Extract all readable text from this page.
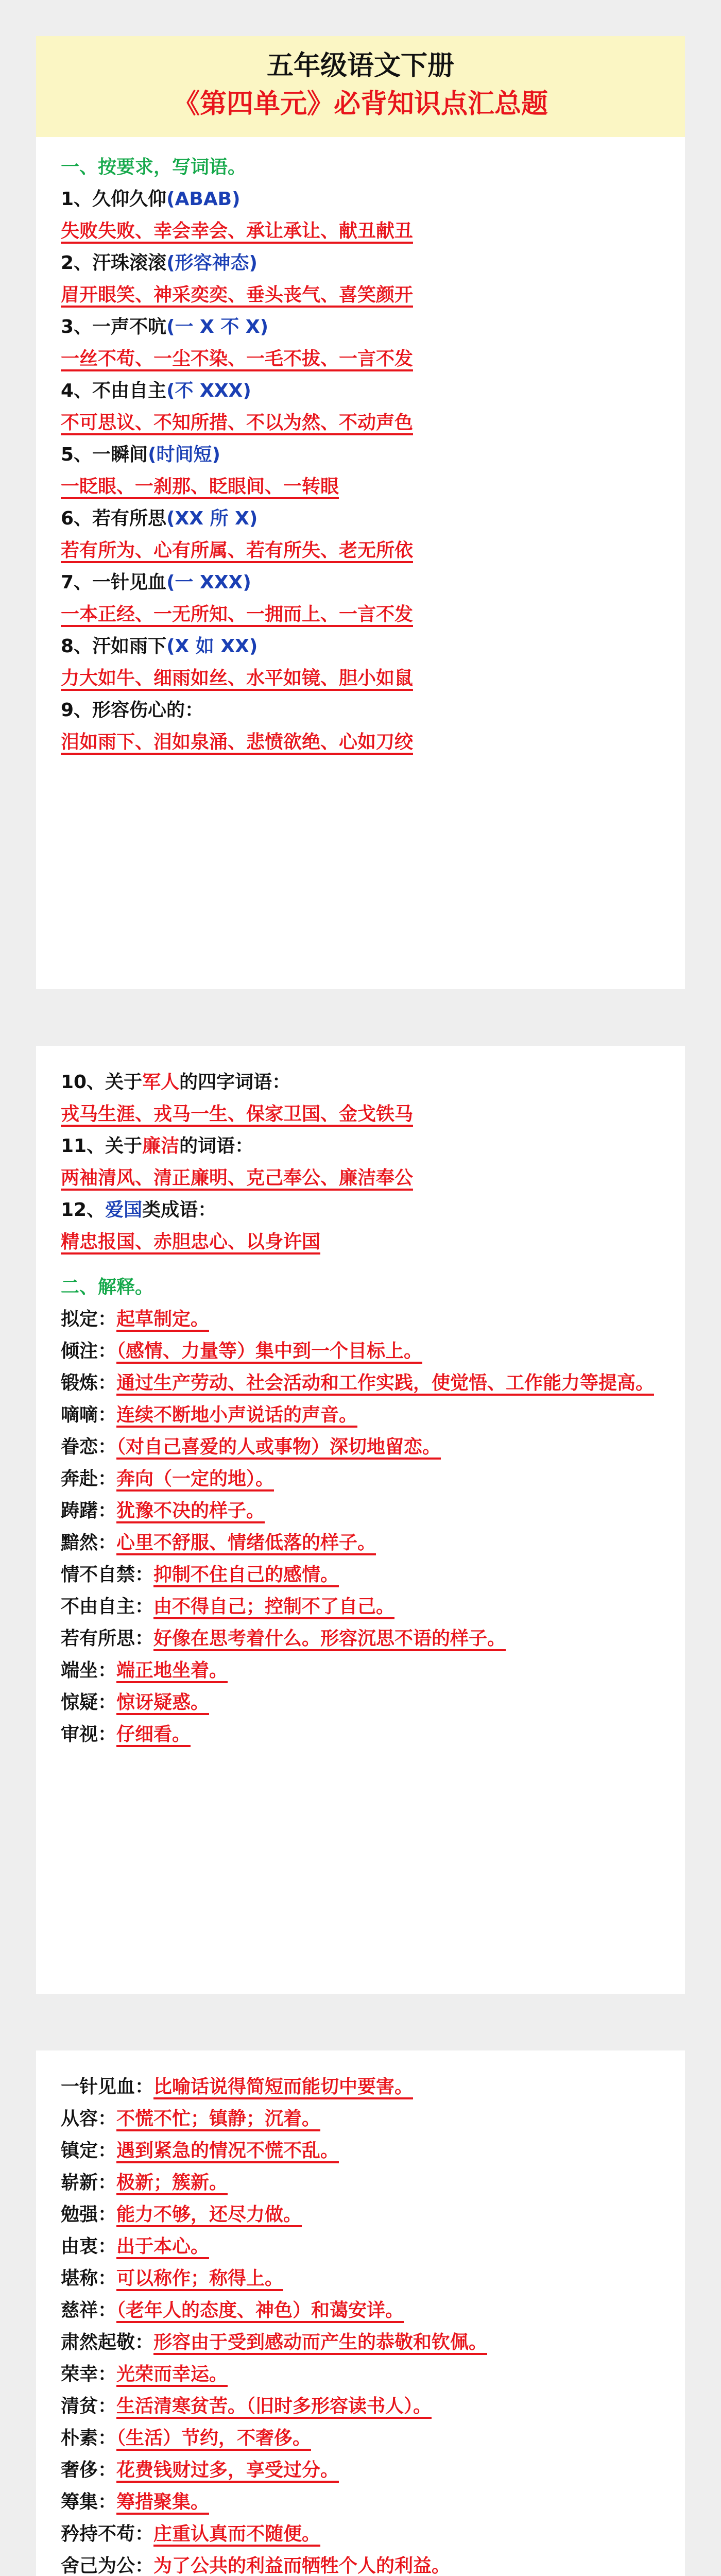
五年级语文下册
《第四单元》必背知识点汇总题
一、按要求，写词语。
1、久仰久仰(ABAB)
失败失败、幸会幸会、承让承让、献丑献丑
2、汗珠滚滚(形容神态)
眉开眼笑、神采奕奕、垂头丧气、喜笑颜开
3、一声不吭(一 X 不 X)
一丝不苟、一尘不染、一毛不拔、一言不发
4、不由自主(不 XXX)
不可思议、不知所措、不以为然、不动声色
5、一瞬间(时间短)
一眨眼、一刹那、眨眼间、一转眼
6、若有所思(XX 所 X)
若有所为、心有所属、若有所失、老无所依
7、一针见血(一 XXX)
一本正经、一无所知、一拥而上、一言不发
8、汗如雨下(X 如 XX)
力大如牛、细雨如丝、水平如镜、胆小如鼠
9、形容伤心的：
泪如雨下、泪如泉涌、悲愤欲绝、心如刀绞
10、关于军人的四字词语：
戎马生涯、戎马一生、保家卫国、金戈铁马
11、关于廉洁的词语：
两袖清风、清正廉明、克己奉公、廉洁奉公
12、爱国类成语：
精忠报国、赤胆忠心、以身许国
二、解释。
拟定：起草制定。
倾注：（感情、力量等）集中到一个目标上。
锻炼：通过生产劳动、社会活动和工作实践，使觉悟、工作能力等提高。
嘀嘀：连续不断地小声说话的声音。
眷恋：（对自己喜爱的人或事物）深切地留恋。
奔赴：奔向（一定的地）。
踌躇：犹豫不决的样子。
黯然：心里不舒服、情绪低落的样子。
情不自禁：抑制不住自己的感情。
不由自主：由不得自己；控制不了自己。
若有所思：好像在思考着什么。形容沉思不语的样子。
端坐：端正地坐着。
惊疑：惊讶疑惑。
审视：仔细看。
一针见血：比喻话说得简短而能切中要害。
从容：不慌不忙；镇静；沉着。
镇定：遇到紧急的情况不慌不乱。
崭新：极新；簇新。
勉强：能力不够，还尽力做。
由衷：出于本心。
堪称：可以称作；称得上。
慈祥：（老年人的态度、神色）和蔼安详。
肃然起敬：形容由于受到感动而产生的恭敬和钦佩。
荣幸：光荣而幸运。
清贫：生活清寒贫苦。（旧时多形容读书人）。
朴素：（生活）节约，不奢侈。
奢侈：花费钱财过多，享受过分。
筹集：筹措聚集。
矜持不苟：庄重认真而不随便。
舍己为公：为了公共的利益而牺牲个人的利益。
